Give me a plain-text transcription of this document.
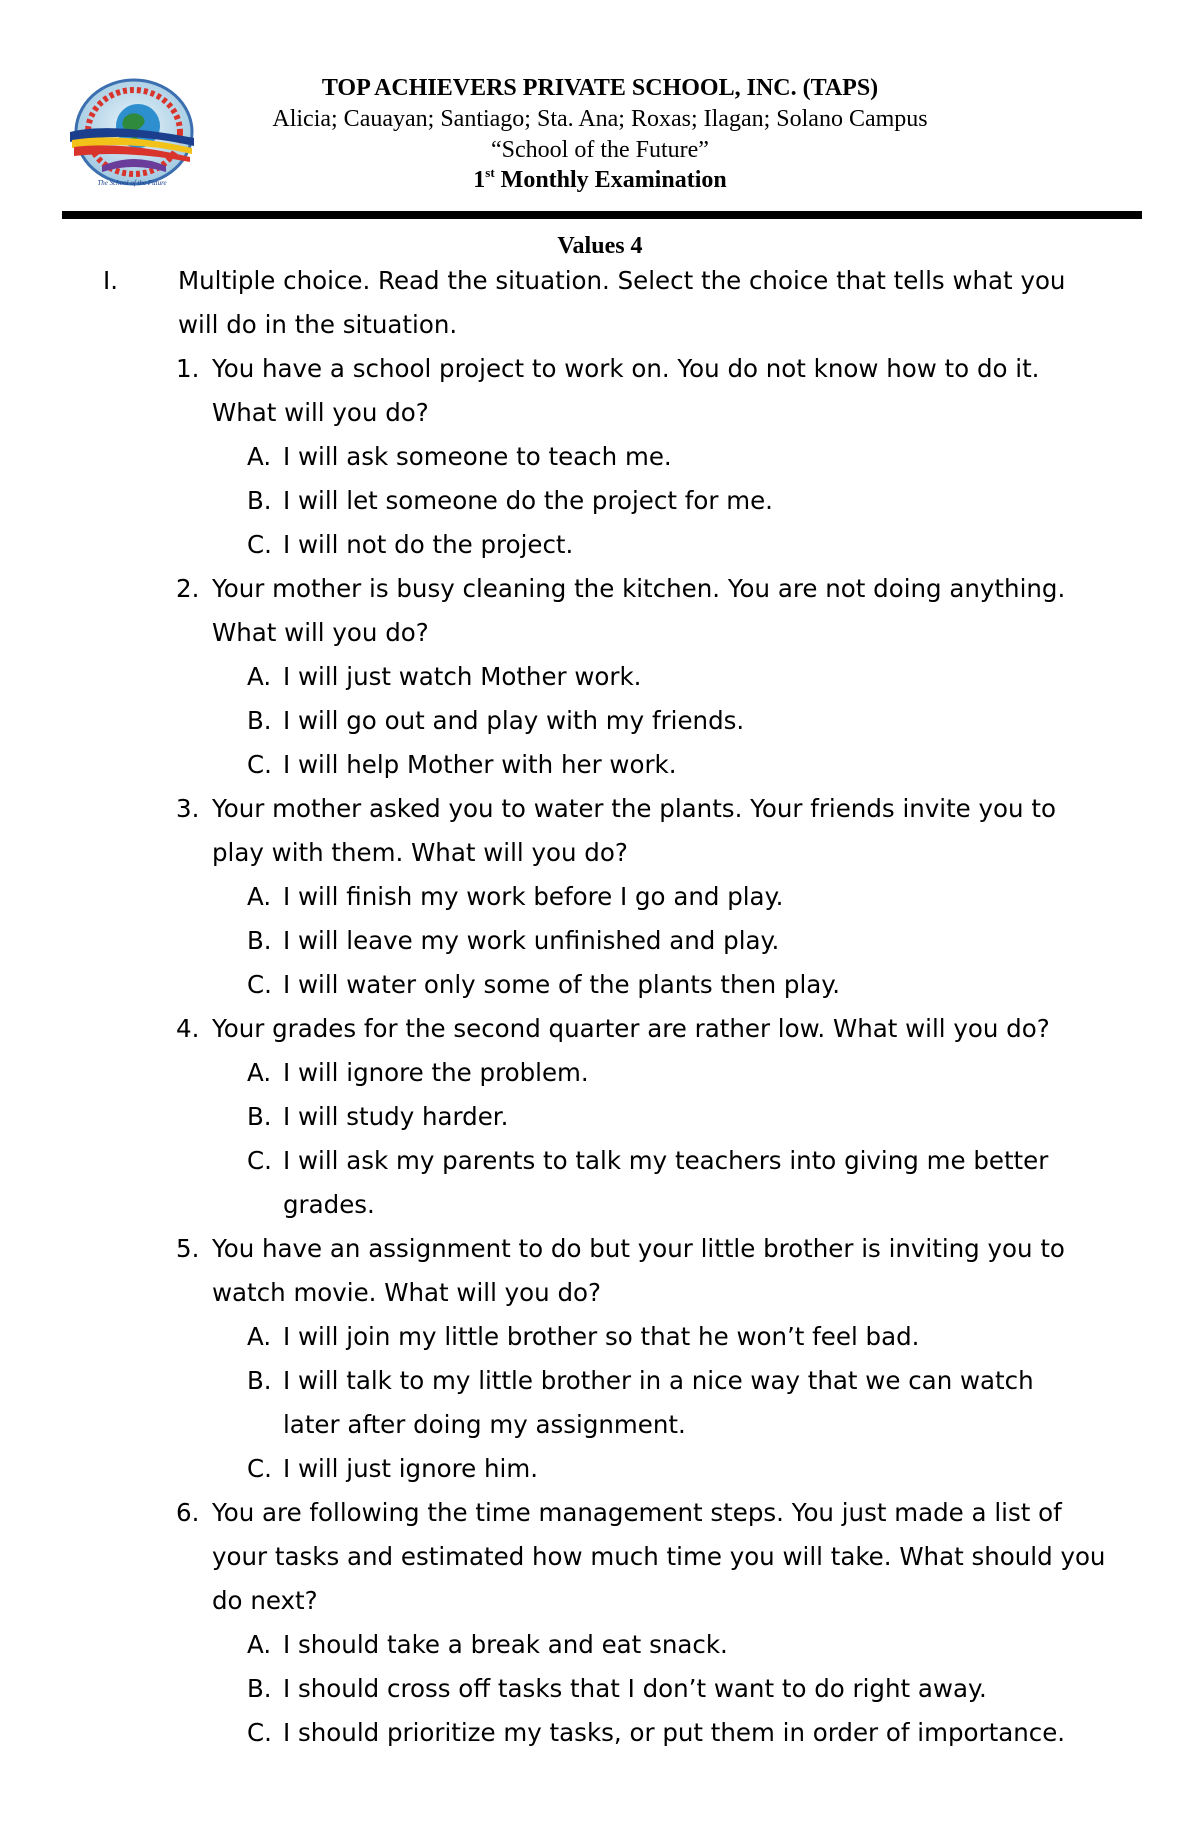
The School of the Future
TOP ACHIEVERS PRIVATE SCHOOL, INC. (TAPS)
Alicia; Cauayan; Santiago; Sta. Ana; Roxas; Ilagan; Solano Campus
“School of the Future”
1st Monthly Examination
Values 4
I. Multiple choice. Read the situation. Select the choice that tells what you
will do in the situation.
1. You have a school project to work on. You do not know how to do it.
What will you do?
A. I will ask someone to teach me.
B. I will let someone do the project for me.
C. I will not do the project.
2. Your mother is busy cleaning the kitchen. You are not doing anything.
What will you do?
A. I will just watch Mother work.
B. I will go out and play with my friends.
C. I will help Mother with her work.
3. Your mother asked you to water the plants. Your friends invite you to
play with them. What will you do?
A. I will finish my work before I go and play.
B. I will leave my work unfinished and play.
C. I will water only some of the plants then play.
4. Your grades for the second quarter are rather low. What will you do?
A. I will ignore the problem.
B. I will study harder.
C. I will ask my parents to talk my teachers into giving me better
grades.
5. You have an assignment to do but your little brother is inviting you to
watch movie. What will you do?
A. I will join my little brother so that he won’t feel bad.
B. I will talk to my little brother in a nice way that we can watch
later after doing my assignment.
C. I will just ignore him.
6. You are following the time management steps. You just made a list of
your tasks and estimated how much time you will take. What should you
do next?
A. I should take a break and eat snack.
B. I should cross off tasks that I don’t want to do right away.
C. I should prioritize my tasks, or put them in order of importance.
